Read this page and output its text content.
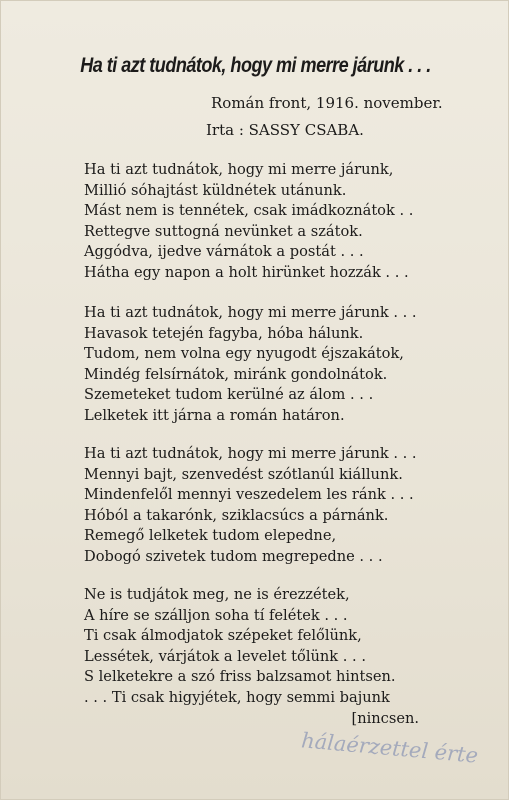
Ha ti azt tudnátok, hogy mi merre járunk . . .
Román front, 1916. november.
Irta : SASSY CSABA.
Ha ti azt tudnátok, hogy mi merre járunk,
Millió sóhajtást küldnétek utánunk.
Mást nem is tennétek, csak imádkoznátok . .
Rettegve suttogná nevünket a szátok.
Aggódva, ijedve várnátok a postát . . .
Hátha egy napon a holt hirünket hozzák . . .
Ha ti azt tudnátok, hogy mi merre járunk . . .
Havasok tetején fagyba, hóba hálunk.
Tudom, nem volna egy nyugodt éjszakátok,
Mindég felsírnátok, miránk gondolnátok.
Szemeteket tudom kerülné az álom . . .
Lelketek itt járna a román határon.
Ha ti azt tudnátok, hogy mi merre járunk . . .
Mennyi bajt, szenvedést szótlanúl kiállunk.
Mindenfelől mennyi veszedelem les ránk . . .
Hóból a takarónk, sziklacsúcs a párnánk.
Remegő lelketek tudom elepedne,
Dobogó szivetek tudom megrepedne . . .
Ne is tudjátok meg, ne is érezzétek,
A híre se szálljon soha tí felétek . . .
Ti csak álmodjatok szépeket felőlünk,
Lessétek, várjátok a levelet tőlünk . . .
S lelketekre a szó friss balzsamot hintsen.
. . . Ti csak higyjétek, hogy semmi bajunk
[nincsen.
hálaérzettel érte
